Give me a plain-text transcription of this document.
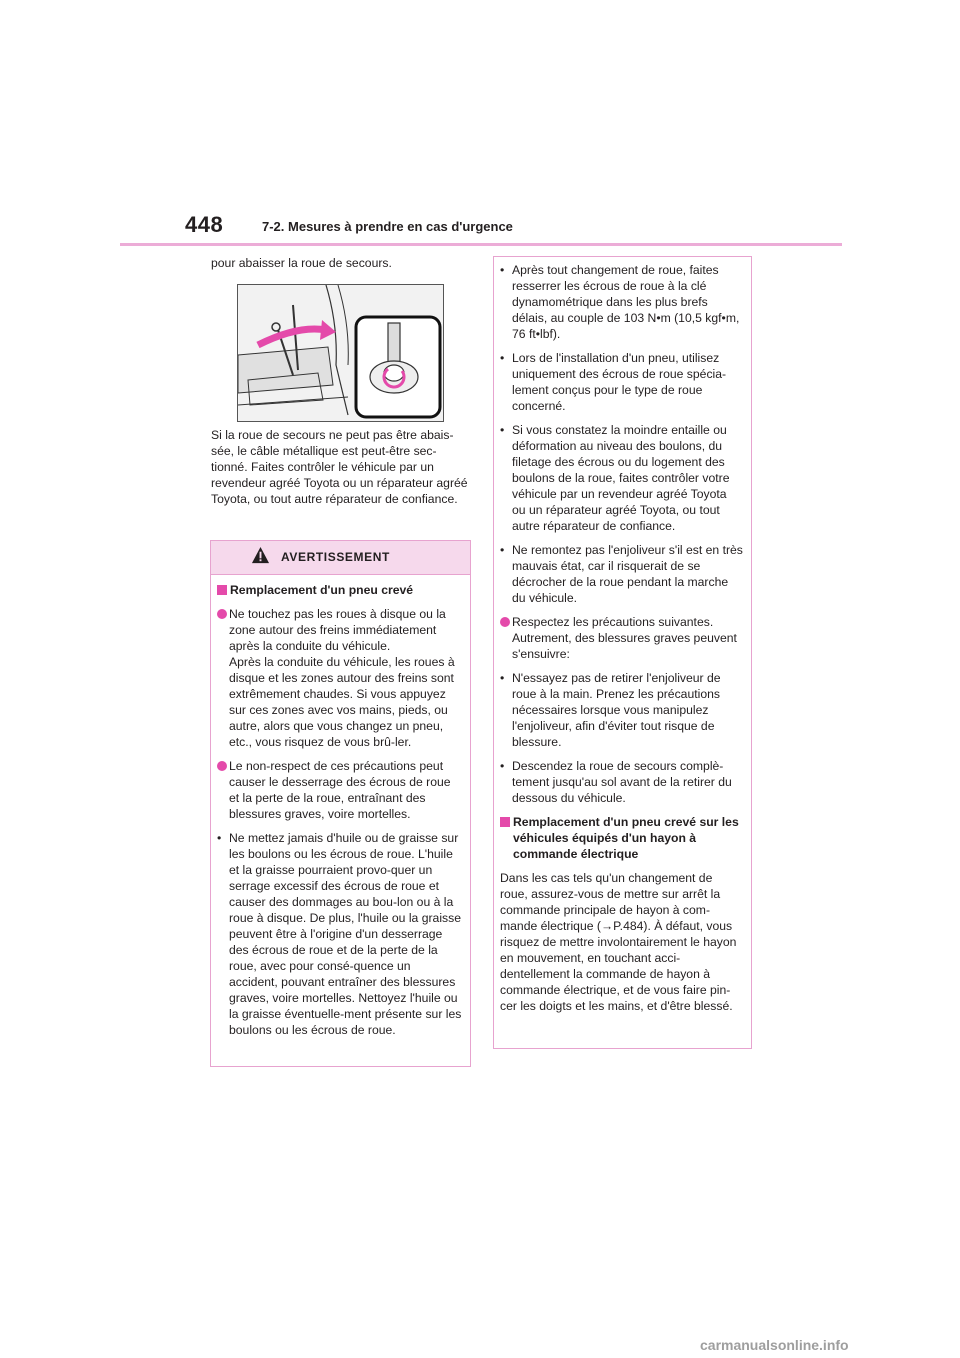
448	7-2. Mesures à prendre en cas d'urgence

pour abaisser la roue de secours.

Si la roue de secours ne peut pas être abais-sée, le câble métallique est peut-être sec-tionné. Faites contrôler le véhicule par un revendeur agréé Toyota ou un réparateur agréé Toyota, ou tout autre réparateur de confiance.
AVERTISSEMENT
Remplacement d'un pneu crevé
Ne touchez pas les roues à disque ou la zone autour des freins immédiatement après la conduite du véhicule.
Après la conduite du véhicule, les roues à disque et les zones autour des freins sont extrêmement chaudes. Si vous appuyez sur ces zones avec vos mains, pieds, ou autre, alors que vous changez un pneu, etc., vous risquez de vous brû-ler.
Le non-respect de ces précautions peut causer le desserrage des écrous de roue et la perte de la roue, entraînant des blessures graves, voire mortelles.
• Ne mettez jamais d'huile ou de graisse sur les boulons ou les écrous de roue. L'huile et la graisse pourraient provo-quer un serrage excessif des écrous de roue et causer des dommages au bou-lon ou à la roue à disque. De plus, l'huile ou la graisse peuvent être à l'origine d'un desserrage des écrous de roue et de la perte de la roue, avec pour consé-quence un accident, pouvant entraîner des blessures graves, voire mortelles. Nettoyez l'huile ou la graisse éventuelle-ment présente sur les boulons ou les écrous de roue.
• Après tout changement de roue, faites resserrer les écrous de roue à la clé dynamométrique dans les plus brefs délais, au couple de 103 N•m (10,5 kgf•m, 76 ft•lbf).
• Lors de l'installation d'un pneu, utilisez uniquement des écrous de roue spécia-lement conçus pour le type de roue concerné.
• Si vous constatez la moindre entaille ou déformation au niveau des boulons, du filetage des écrous ou du logement des boulons de la roue, faites contrôler votre véhicule par un revendeur agréé Toyota ou un réparateur agréé Toyota, ou tout autre réparateur de confiance.
• Ne remontez pas l'enjoliveur s'il est en très mauvais état, car il risquerait de se décrocher de la roue pendant la marche du véhicule.
Respectez les précautions suivantes. Autrement, des blessures graves peuvent s'ensuivre:
• N'essayez pas de retirer l'enjoliveur de roue à la main. Prenez les précautions nécessaires lorsque vous manipulez l'enjoliveur, afin d'éviter tout risque de blessure.
• Descendez la roue de secours complè-tement jusqu'au sol avant de la retirer du dessous du véhicule.
Remplacement d'un pneu crevé sur les véhicules équipés d'un hayon à commande électrique
Dans les cas tels qu'un changement de roue, assurez-vous de mettre sur arrêt la commande principale de hayon à com-mande électrique (→P.484). À défaut, vous risquez de mettre involontairement le hayon en mouvement, en touchant acci-dentellement la commande de hayon à commande électrique, et de vous faire pin-cer les doigts et les mains, et d'être blessé.
carmanualsonline.info
